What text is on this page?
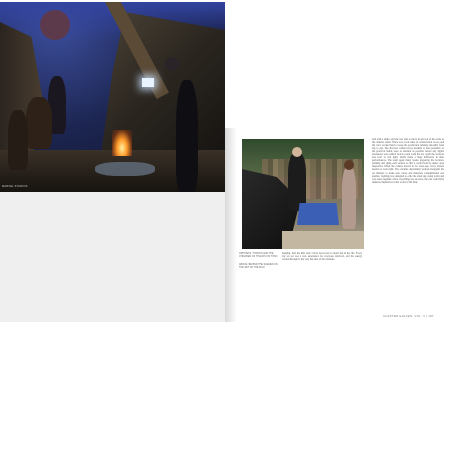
MARVEL STUDIOS

OPPOSITE: THANOS AND THE CHILDREN OF THANOS ON TITAN

ABOVE: BEHIND THE SCENES ON THE SET OF THE FILM

said with a smile, and she was able to move in and out of the scene as the cameras rolled. There was a real sense of collaboration on set, and the crew worked hard to keep the production running smoothly from day to day. The directors wanted every moment to feel grounded, so the practical builds were as detailed as possible before any digital extensions were added. Actors could walk the set, touch the surfaces and react to real light, which made a huge difference in their performances. The team spent many weeks preparing the location, painting and aging each surface so that it would hold up under close inspection. When the camera moved in for close-ups, every texture needed to look right. The costume department worked alongside the set builders to make sure colors and materials complemented one another. Lighting was designed to echo the alien sky, using warm and cool tones together. Once everything was in place, the cast could fully immerse themselves in the world of the film.

hanging. And the kids said: I have never had so much fun in my life. Every day on set was a new experience for everyone involved, and the energy carried through to the very last shot of the schedule.

CHAPTER ELEVEN: VOL. 3 | 187
